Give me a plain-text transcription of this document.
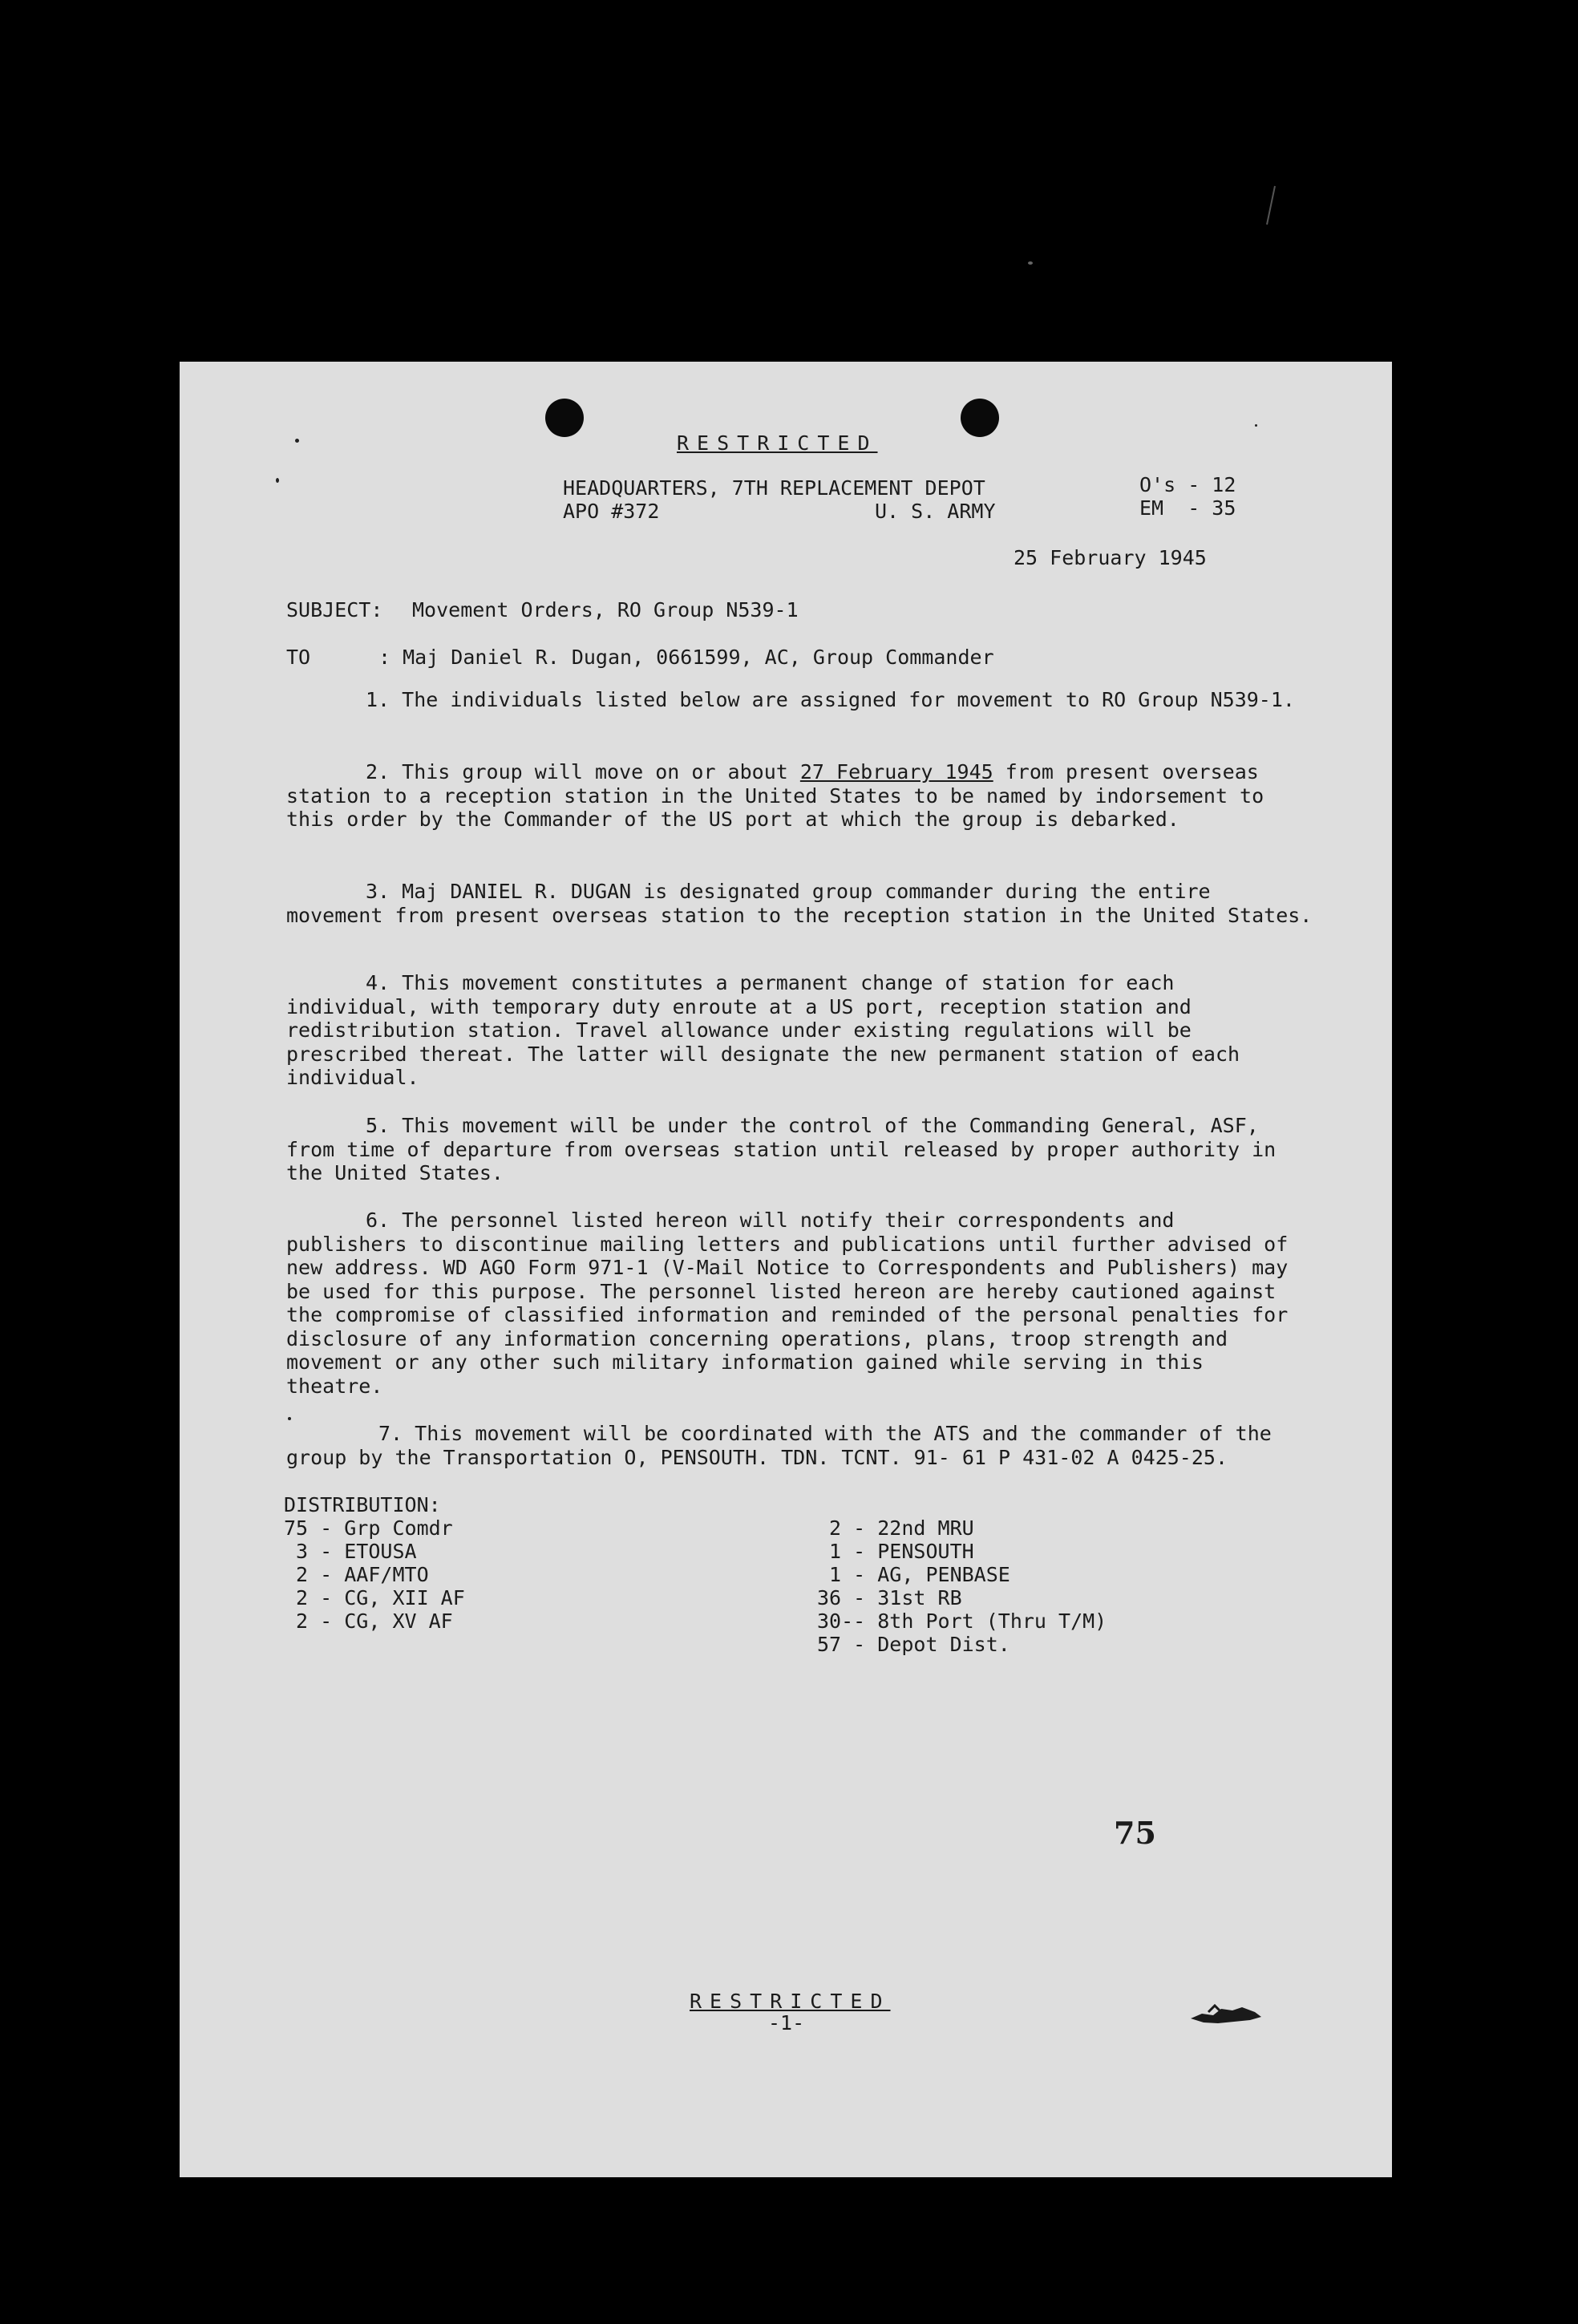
RESTRICTED
HEADQUARTERS, 7TH REPLACEMENT DEPOT
APO #372	U. S. ARMY
O's - 12
EM  - 35
25 February 1945
SUBJECT: Movement Orders, RO Group N539-1
TO	: Maj Daniel R. Dugan, 0661599, AC, Group Commander
1. The individuals listed below are assigned for movement to RO Group N539-1.
2. This group will move on or about 27 February 1945 from present overseas station to a reception station in the United States to be named by indorsement to this order by the Commander of the US port at which the group is debarked.
3. Maj DANIEL R. DUGAN is designated group commander during the entire movement from present overseas station to the reception station in the United States.
4. This movement constitutes a permanent change of station for each individual, with temporary duty enroute at a US port, reception station and redistribution station. Travel allowance under existing regulations will be prescribed thereat. The latter will designate the new permanent station of each individual.
5. This movement will be under the control of the Commanding General, ASF, from time of departure from overseas station until released by proper authority in the United States.
6. The personnel listed hereon will notify their correspondents and publishers to discontinue mailing letters and publications until further advised of new address. WD AGO Form 971-1 (V-Mail Notice to Correspondents and Publishers) may be used for this purpose. The personnel listed hereon are hereby cautioned against the compromise of classified information and reminded of the personal penalties for disclosure of any information concerning operations, plans, troop strength and movement or any other such military information gained while serving in this theatre.
7. This movement will be coordinated with the ATS and the commander of the group by the Transportation O, PENSOUTH. TDN. TCNT. 91- 61 P 431-02 A 0425-25.
DISTRIBUTION:
75 - Grp Comdr
3 - ETOUSA
2 - AAF/MTO
2 - CG, XII AF
2 - CG, XV AF
2 - 22nd MRU
1 - PENSOUTH
1 - AG, PENBASE
36 - 31st RB
30-- 8th Port (Thru T/M)
57 - Depot Dist.
75
RESTRICTED
-1-
